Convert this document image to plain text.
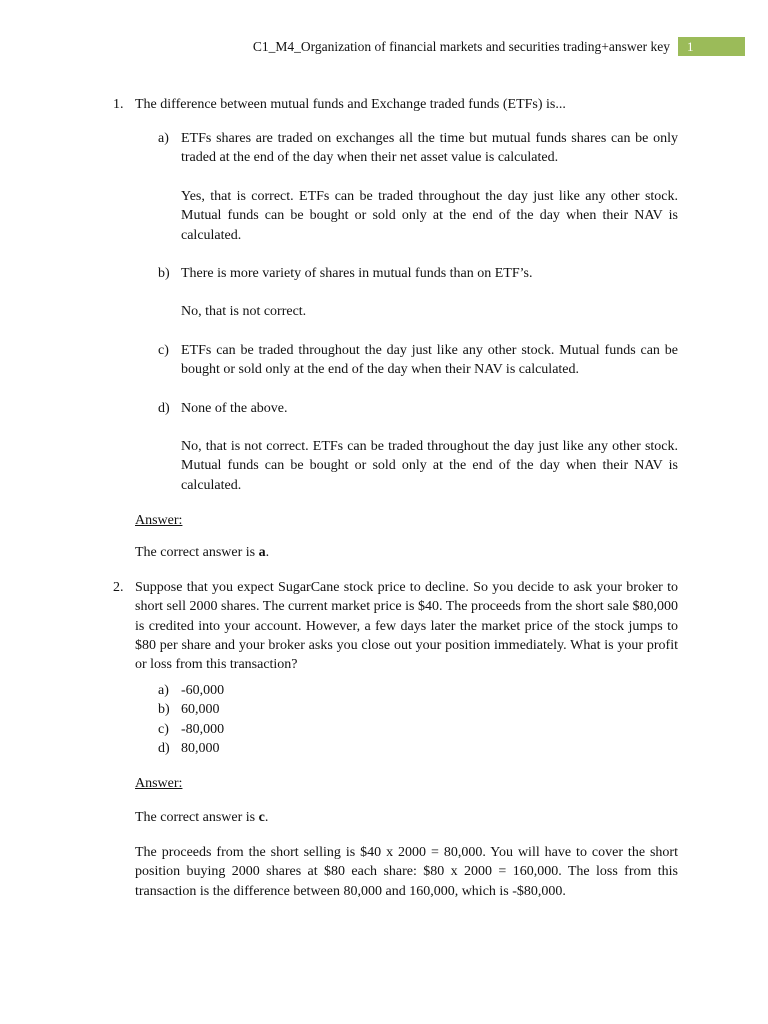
C1_M4_Organization of financial markets and securities trading+answer key	1
1. The difference between mutual funds and Exchange traded funds (ETFs) is...
a) ETFs shares are traded on exchanges all the time but mutual funds shares can be only traded at the end of the day when their net asset value is calculated.
Yes, that is correct. ETFs can be traded throughout the day just like any other stock. Mutual funds can be bought or sold only at the end of the day when their NAV is calculated.
b) There is more variety of shares in mutual funds than on ETF’s.
No, that is not correct.
c) ETFs can be traded throughout the day just like any other stock. Mutual funds can be bought or sold only at the end of the day when their NAV is calculated.
d) None of the above.
No, that is not correct. ETFs can be traded throughout the day just like any other stock. Mutual funds can be bought or sold only at the end of the day when their NAV is calculated.
Answer:
The correct answer is a.
2. Suppose that you expect SugarCane stock price to decline. So you decide to ask your broker to short sell 2000 shares. The current market price is $40. The proceeds from the short sale $80,000 is credited into your account. However, a few days later the market price of the stock jumps to $80 per share and your broker asks you close out your position immediately. What is your profit or loss from this transaction?
a) -60,000
b) 60,000
c) -80,000
d) 80,000
Answer:
The correct answer is c.
The proceeds from the short selling is $40 x 2000 = 80,000. You will have to cover the short position buying 2000 shares at $80 each share: $80 x 2000 = 160,000. The loss from this transaction is the difference between 80,000 and 160,000, which is -$80,000.
